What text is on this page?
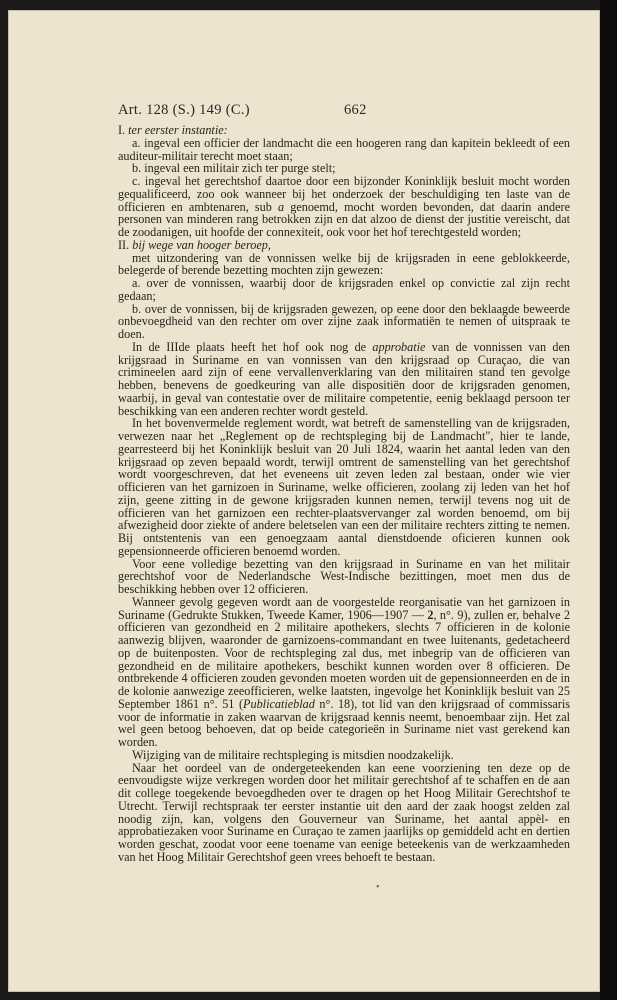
Art. 128 (S.) 149 (C.)	662

I. ter eerster instantie:

a. ingeval een officier der landmacht die een hoogeren rang dan kapitein bekleedt of een auditeur-militair terecht moet staan;

b. ingeval een militair zich ter purge stelt;

c. ingeval het gerechtshof daartoe door een bijzonder Koninklijk besluit mocht worden gequalificeerd, zoo ook wanneer bij het onderzoek der beschuldiging ten laste van de officieren en ambtenaren, sub a genoemd, mocht worden bevonden, dat daarin andere personen van minderen rang betrokken zijn en dat alzoo de dienst der justitie vereischt, dat de zoodanigen, uit hoofde der connexiteit, ook voor het hof terechtgesteld worden;

II. bij wege van hooger beroep,

met uitzondering van de vonnissen welke bij de krijgsraden in eene geblokkeerde, belegerde of berende bezetting mochten zijn gewezen:

a. over de vonnissen, waarbij door de krijgsraden enkel op convictie zal zijn recht gedaan;

b. over de vonnissen, bij de krijgsraden gewezen, op eene door den beklaagde beweerde onbevoegdheid van den rechter om over zijne zaak informatiën te nemen of uitspraak te doen.

In de IIIde plaats heeft het hof ook nog de approbatie van de vonnissen van den krijgsraad in Suriname en van vonnissen van den krijgsraad op Curaçao, die van crimineelen aard zijn of eene vervallenverklaring van den militairen stand ten gevolge hebben, benevens de goedkeuring van alle dispositiën door de krijgsraden genomen, waarbij, in geval van contestatie over de militaire competentie, eenig beklaagd persoon ter beschikking van een anderen rechter wordt gesteld.

In het bovenvermelde reglement wordt, wat betreft de samenstelling van de krijgsraden, verwezen naar het „Reglement op de rechtspleging bij de Landmacht", hier te lande, gearresteerd bij het Koninklijk besluit van 20 Juli 1824, waarin het aantal leden van den krijgsraad op zeven bepaald wordt, terwijl omtrent de samenstelling van het gerechtshof wordt voorgeschreven, dat het eveneens uit zeven leden zal bestaan, onder wie vier officieren van het garnizoen in Suriname, welke officieren, zoolang zij leden van het hof zijn, geene zitting in de gewone krijgsraden kunnen nemen, terwijl tevens nog uit de officieren van het garnizoen een rechter-plaatsvervanger zal worden benoemd, om bij afwezigheid door ziekte of andere beletselen van een der militaire rechters zitting te nemen. Bij ontstentenis van een genoegzaam aantal dienstdoende oficieren kunnen ook gepensionneerde officieren benoemd worden.

Voor eene volledige bezetting van den krijgsraad in Suriname en van het militair gerechtshof voor de Nederlandsche West-Indische bezittingen, moet men dus de beschikking hebben over 12 officieren.

Wanneer gevolg gegeven wordt aan de voorgestelde reorganisatie van het garnizoen in Suriname (Gedrukte Stukken, Tweede Kamer, 1906—1907 — 2, n°. 9), zullen er, behalve 2 officieren van gezondheid en 2 militaire apothekers, slechts 7 officieren in de kolonie aanwezig blijven, waaronder de garnizoens-commandant en twee luitenants, gedetacheerd op de buitenposten. Voor de rechtspleging zal dus, met inbegrip van de officieren van gezondheid en de militaire apothekers, beschikt kunnen worden over 8 officieren. De ontbrekende 4 officieren zouden gevonden moeten worden uit de gepensionneerden en de in de kolonie aanwezige zeeofficieren, welke laatsten, ingevolge het Koninklijk besluit van 25 September 1861 n°. 51 (Publicatieblad n°. 18), tot lid van den krijgsraad of commissaris voor de informatie in zaken waarvan de krijgsraad kennis neemt, benoembaar zijn. Het zal wel geen betoog behoeven, dat op beide categorieën in Suriname niet vast gerekend kan worden.

Wijziging van de militaire rechtspleging is mitsdien noodzakelijk.

Naar het oordeel van de ondergeteekenden kan eene voorziening ten deze op de eenvoudigste wijze verkregen worden door het militair gerechtshof af te schaffen en de aan dit college toegekende bevoegdheden over te dragen op het Hoog Militair Gerechtshof te Utrecht. Terwijl rechtspraak ter eerster instantie uit den aard der zaak hoogst zelden zal noodig zijn, kan, volgens den Gouverneur van Suriname, het aantal appèl- en approbatiezaken voor Suriname en Curaçao te zamen jaarlijks op gemiddeld acht en dertien worden geschat, zoodat voor eene toename van eenige beteekenis van de werkzaamheden van het Hoog Militair Gerechtshof geen vrees behoeft te bestaan.

•
